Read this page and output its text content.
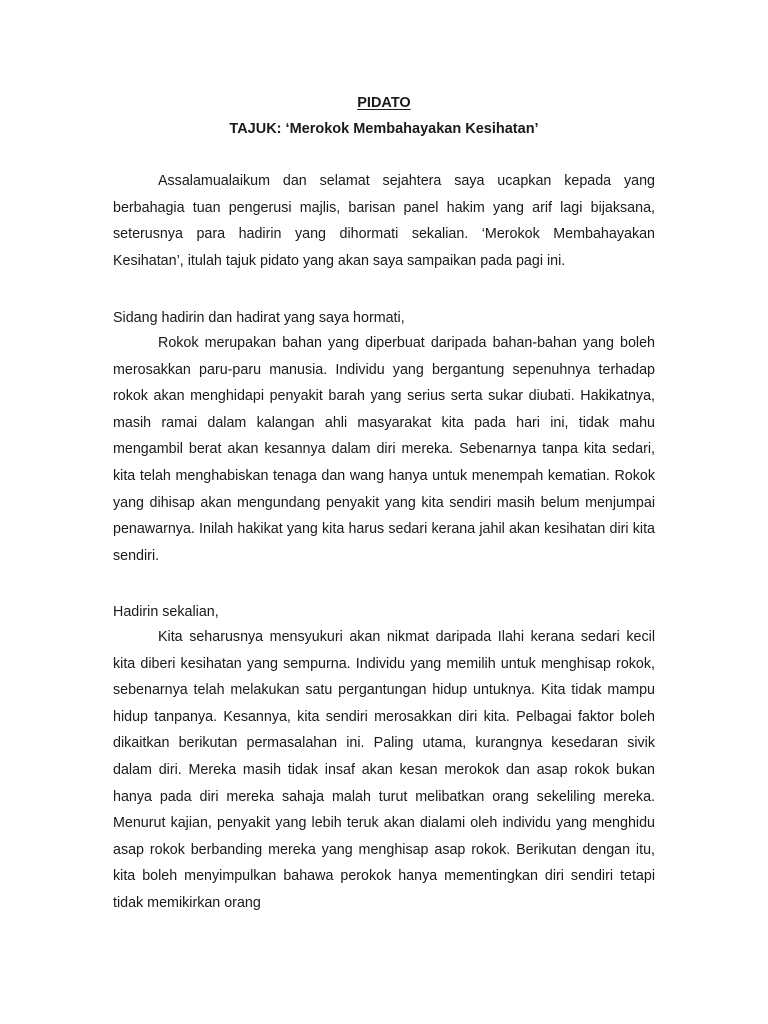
PIDATO
TAJUK: ‘Merokok Membahayakan Kesihatan’

Assalamualaikum dan selamat sejahtera saya ucapkan kepada yang berbahagia tuan pengerusi majlis, barisan panel hakim yang arif lagi bijaksana, seterusnya para hadirin yang dihormati sekalian. ‘Merokok Membahayakan Kesihatan’, itulah tajuk pidato yang akan saya sampaikan pada pagi ini.

Sidang hadirin dan hadirat yang saya hormati,

Rokok merupakan bahan yang diperbuat daripada bahan-bahan yang boleh merosakkan paru-paru manusia. Individu yang bergantung sepenuhnya terhadap rokok akan menghidapi penyakit barah yang serius serta sukar diubati. Hakikatnya, masih ramai dalam kalangan ahli masyarakat kita pada hari ini, tidak mahu mengambil berat akan kesannya dalam diri mereka. Sebenarnya tanpa kita sedari, kita telah menghabiskan tenaga dan wang hanya untuk menempah kematian. Rokok yang dihisap akan mengundang penyakit yang kita sendiri masih belum menjumpai penawarnya. Inilah hakikat yang kita harus sedari kerana jahil akan kesihatan diri kita sendiri.

Hadirin sekalian,

Kita seharusnya mensyukuri akan nikmat daripada Ilahi kerana sedari kecil kita diberi kesihatan yang sempurna. Individu yang memilih untuk menghisap rokok, sebenarnya telah melakukan satu pergantungan hidup untuknya. Kita tidak mampu hidup tanpanya. Kesannya, kita sendiri merosakkan diri kita. Pelbagai faktor boleh dikaitkan berikutan permasalahan ini. Paling utama, kurangnya kesedaran sivik dalam diri. Mereka masih tidak insaf akan kesan merokok dan asap rokok bukan hanya pada diri mereka sahaja malah turut melibatkan orang sekeliling mereka. Menurut kajian, penyakit yang lebih teruk akan dialami oleh individu yang menghidu asap rokok berbanding mereka yang menghisap asap rokok. Berikutan dengan itu, kita boleh menyimpulkan bahawa perokok hanya mementingkan diri sendiri tetapi tidak memikirkan orang
